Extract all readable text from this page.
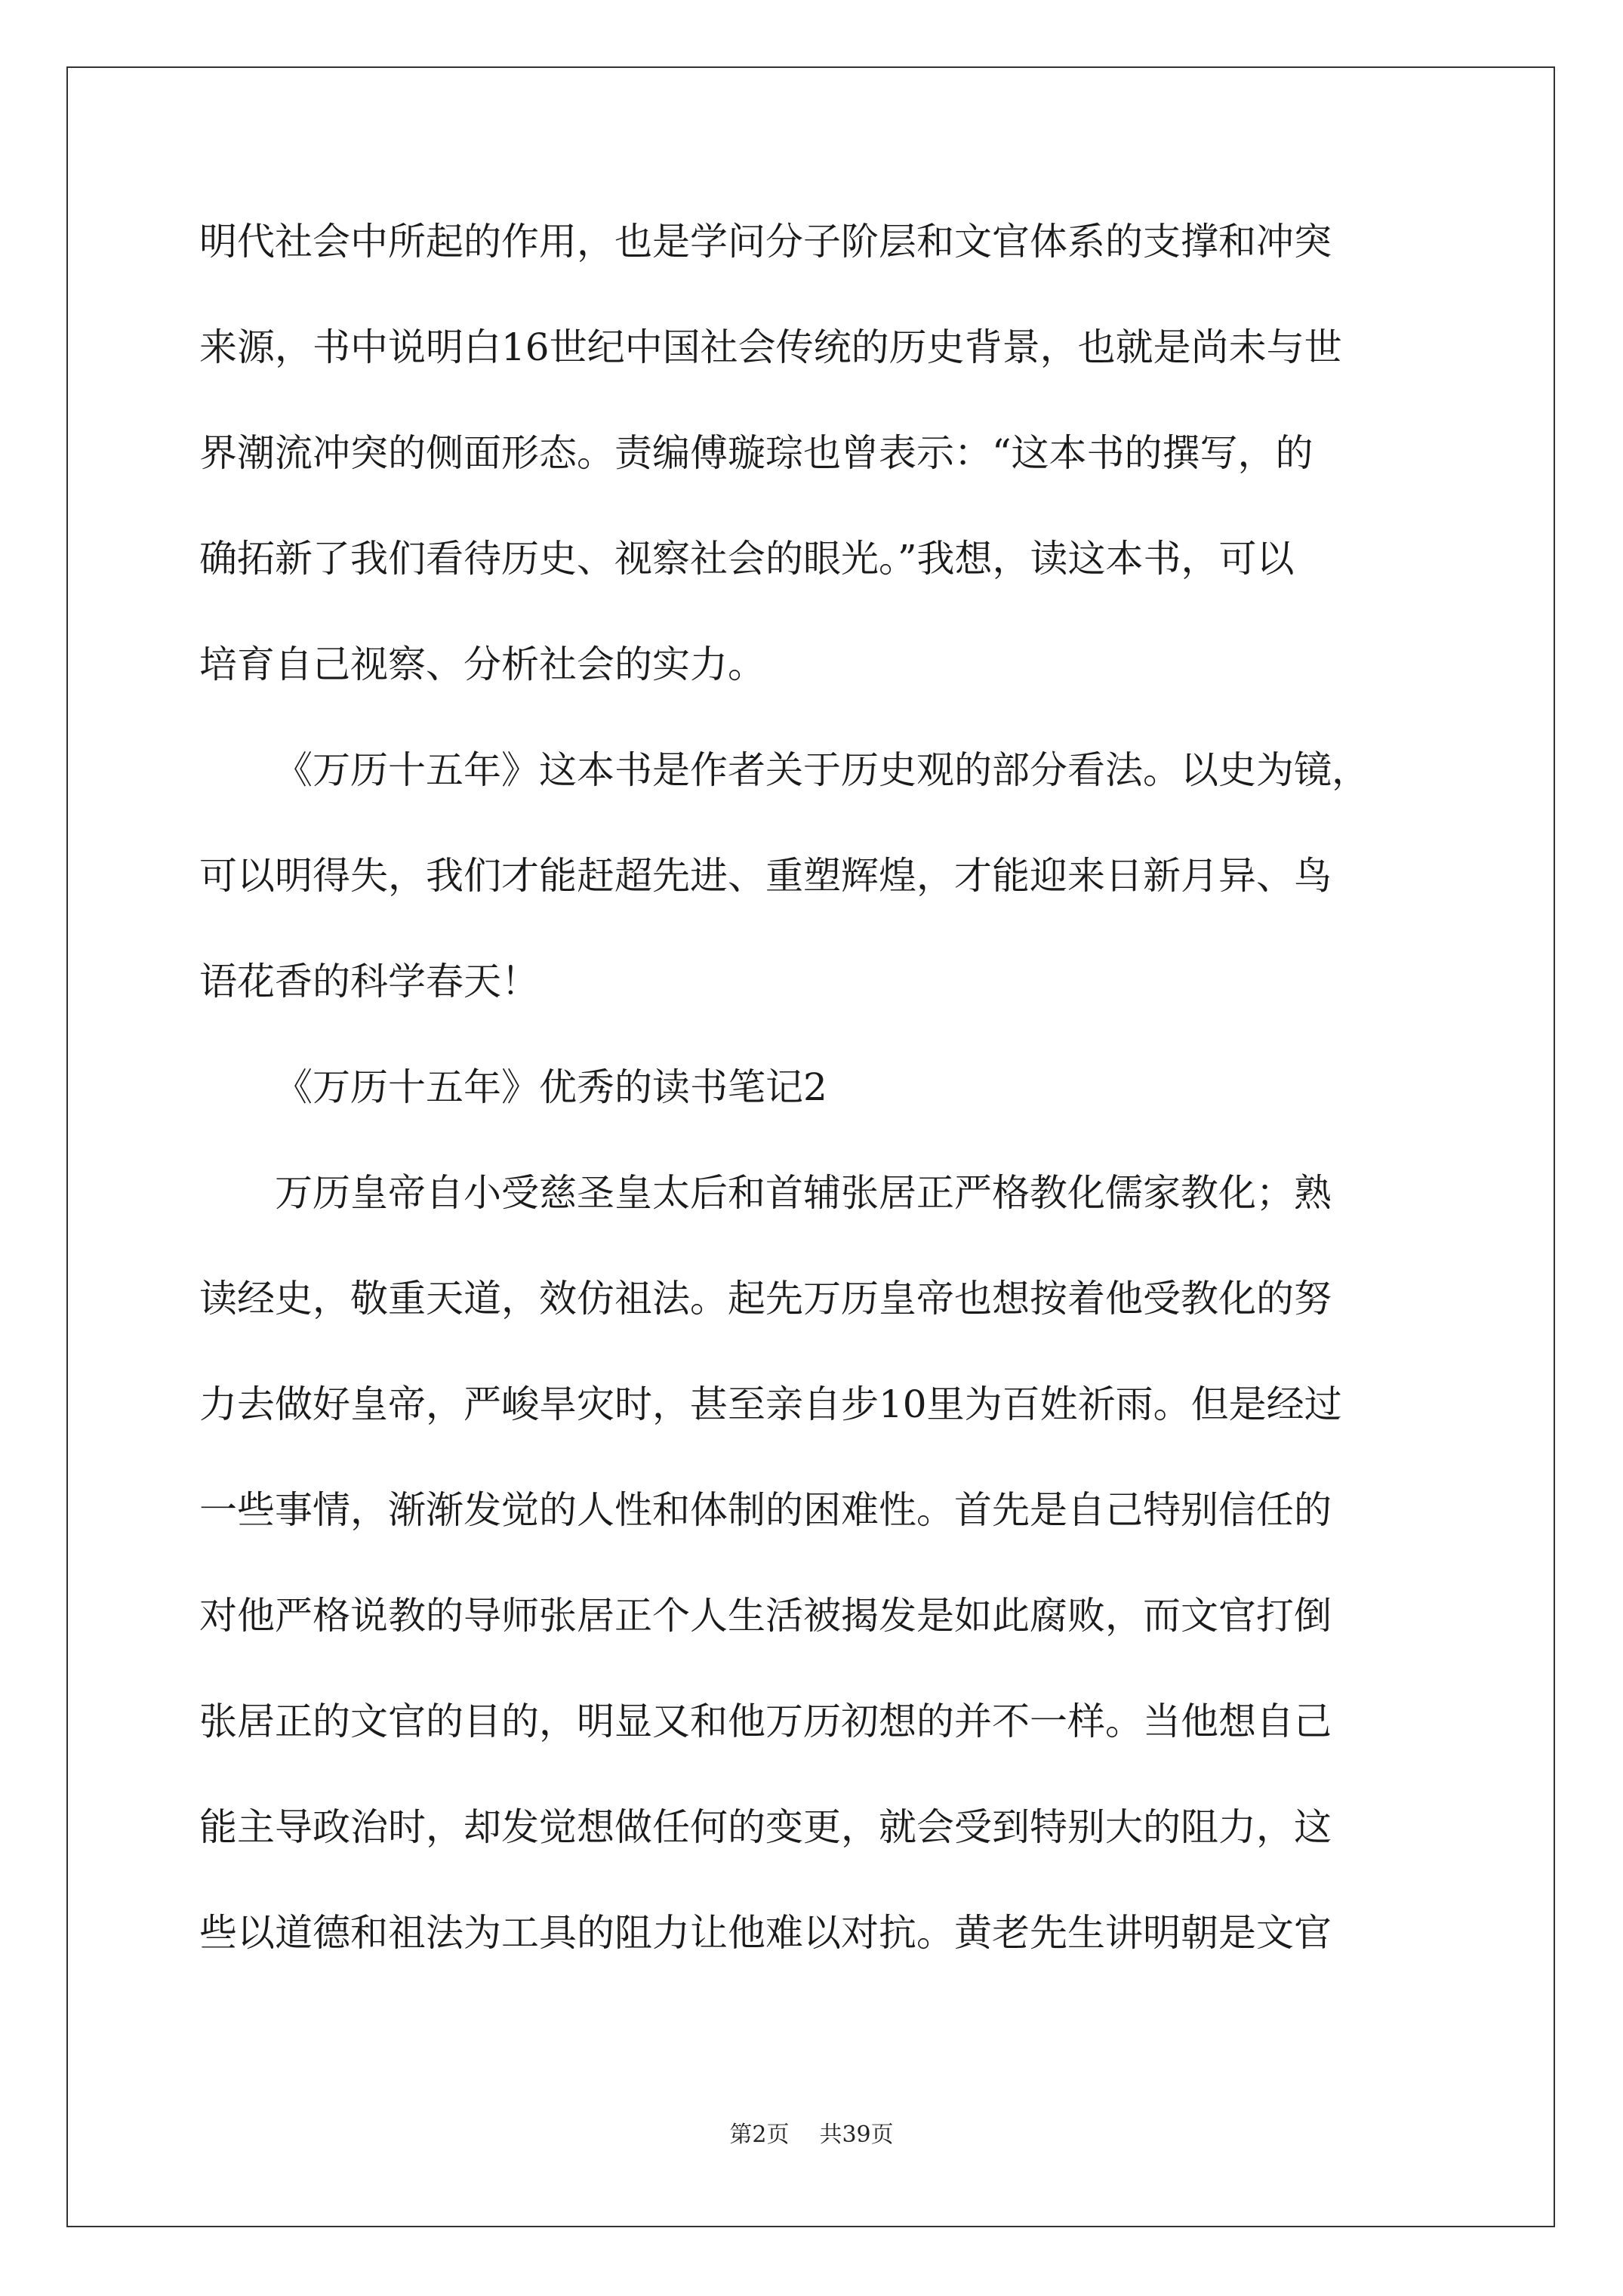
明代社会中所起的作用，也是学问分子阶层和文官体系的支撑和冲突
来源，书中说明白16世纪中国社会传统的历史背景，也就是尚未与世
界潮流冲突的侧面形态。责编傅璇琮也曾表示：“这本书的撰写，的
确拓新了我们看待历史、视察社会的眼光。”我想，读这本书，可以
培育自己视察、分析社会的实力。
《万历十五年》这本书是作者关于历史观的部分看法。以史为镜，
可以明得失，我们才能赶超先进、重塑辉煌，才能迎来日新月异、鸟
语花香的科学春天！
《万历十五年》优秀的读书笔记2
万历皇帝自小受慈圣皇太后和首辅张居正严格教化儒家教化；熟
读经史，敬重天道，效仿祖法。起先万历皇帝也想按着他受教化的努
力去做好皇帝，严峻旱灾时，甚至亲自步10里为百姓祈雨。但是经过
一些事情，渐渐发觉的人性和体制的困难性。首先是自己特别信任的
对他严格说教的导师张居正个人生活被揭发是如此腐败，而文官打倒
张居正的文官的目的，明显又和他万历初想的并不一样。当他想自己
能主导政治时，却发觉想做任何的变更，就会受到特别大的阻力，这
些以道德和祖法为工具的阻力让他难以对抗。黄老先生讲明朝是文官
第2页 共39页
